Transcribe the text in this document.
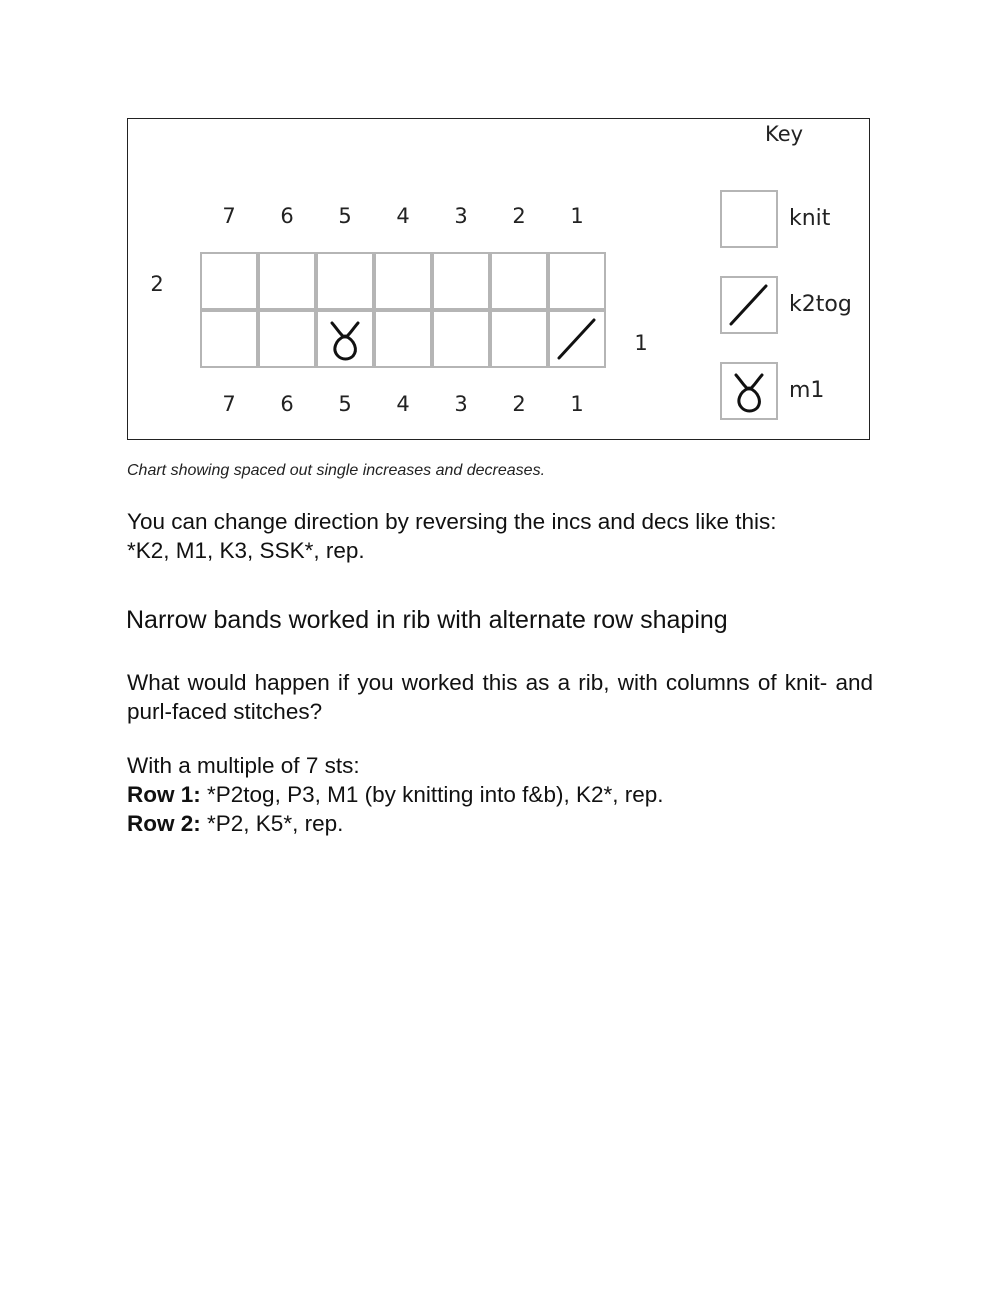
7	6	5	4	3	2	1
7	6	5	4	3	2	1
2
1
knit
k2tog
m1
Key
Chart showing spaced out single increases and decreases.
You can change direction by reversing the incs and decs like this:
*K2, M1, K3, SSK*, rep.
Narrow bands worked in rib with alternate row shaping
What would happen if you worked this as a rib, with columns of knit- and purl-faced stitches?
With a multiple of 7 sts:
Row 1: *P2tog, P3, M1 (by knitting into f&b), K2*, rep.
Row 2: *P2, K5*, rep.
